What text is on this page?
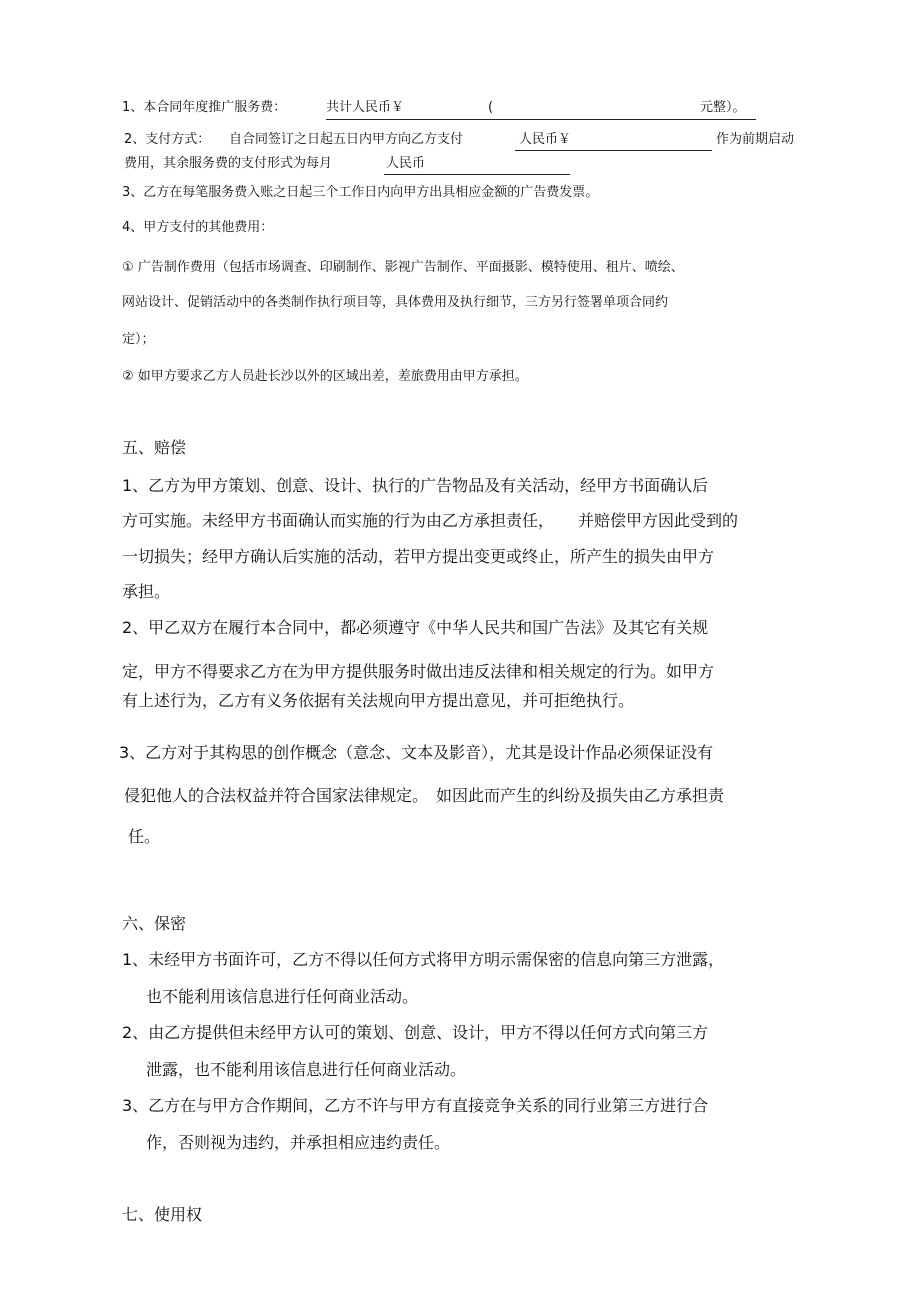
1、本合同年度推广服务费：	共计人民币￥	(	元整）。
2、支付方式： 自合同签订之日起五日内甲方向乙方支付	人民币￥	作为前期启动
费用，其余服务费的支付形式为每月	人民币
3、乙方在每笔服务费入账之日起三个工作日内向甲方出具相应金额的广告费发票。
4、甲方支付的其他费用：
① 广告制作费用（包括市场调查、印刷制作、影视广告制作、平面摄影、模特使用、租片、喷绘、
网站设计、促销活动中的各类制作执行项目等，具体费用及执行细节，三方另行签署单项合同约
定）；
② 如甲方要求乙方人员赴长沙以外的区域出差，差旅费用由甲方承担。
五、赔偿
1、乙方为甲方策划、创意、设计、执行的广告物品及有关活动，经甲方书面确认后
方可实施。未经甲方书面确认而实施的行为由乙方承担责任，　　并赔偿甲方因此受到的
一切损失；经甲方确认后实施的活动，若甲方提出变更或终止，所产生的损失由甲方
承担。
2、甲乙双方在履行本合同中，都必须遵守《中华人民共和国广告法》及其它有关规
定，甲方不得要求乙方在为甲方提供服务时做出违反法律和相关规定的行为。如甲方
有上述行为，乙方有义务依据有关法规向甲方提出意见，并可拒绝执行。
3、乙方对于其构思的创作概念（意念、文本及影音），尤其是设计作品必须保证没有
侵犯他人的合法权益并符合国家法律规定。　如因此而产生的纠纷及损失由乙方承担责
任。
六、保密
1、未经甲方书面许可，乙方不得以任何方式将甲方明示需保密的信息向第三方泄露，
也不能利用该信息进行任何商业活动。
2、由乙方提供但未经甲方认可的策划、创意、设计，甲方不得以任何方式向第三方
泄露，也不能利用该信息进行任何商业活动。
3、乙方在与甲方合作期间，乙方不许与甲方有直接竞争关系的同行业第三方进行合
作，否则视为违约，并承担相应违约责任。
七、使用权
